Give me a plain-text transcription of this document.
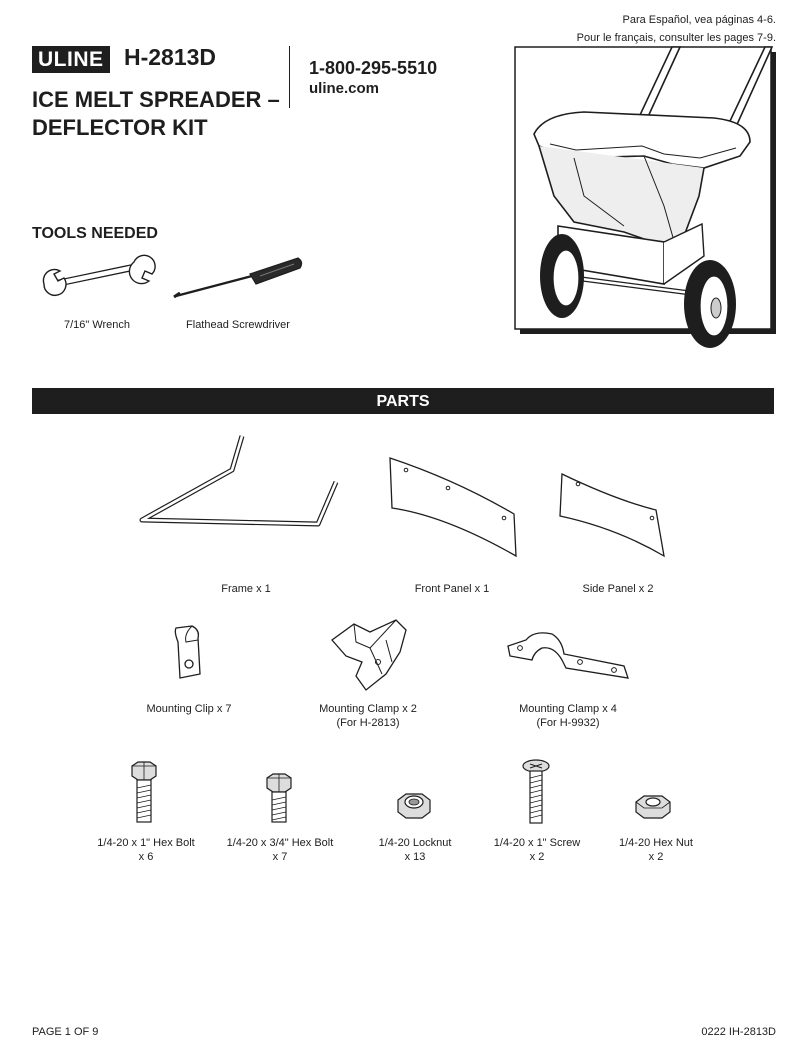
ULINE H-2813D
ICE MELT SPREADER –
DEFLECTOR KIT
1-800-295-5510
uline.com
Para Español, vea páginas 4-6.
Pour le français, consulter les pages 7-9.
TOOLS NEEDED
7/16" Wrench	Flathead Screwdriver
PARTS
Frame x 1	Front Panel x 1	Side Panel x 2
Mounting Clip x 7	Mounting Clamp x 2
(For H-2813)
Mounting Clamp x 4
(For H-9932)
1/4-20 x 1" Hex Bolt
x 6
1/4-20 x 3/4" Hex Bolt
x 7
1/4-20 Locknut
x 13
1/4-20 x 1" Screw
x 2
1/4-20 Hex Nut
x 2
PAGE 1 OF 9	0222 IH-2813D
